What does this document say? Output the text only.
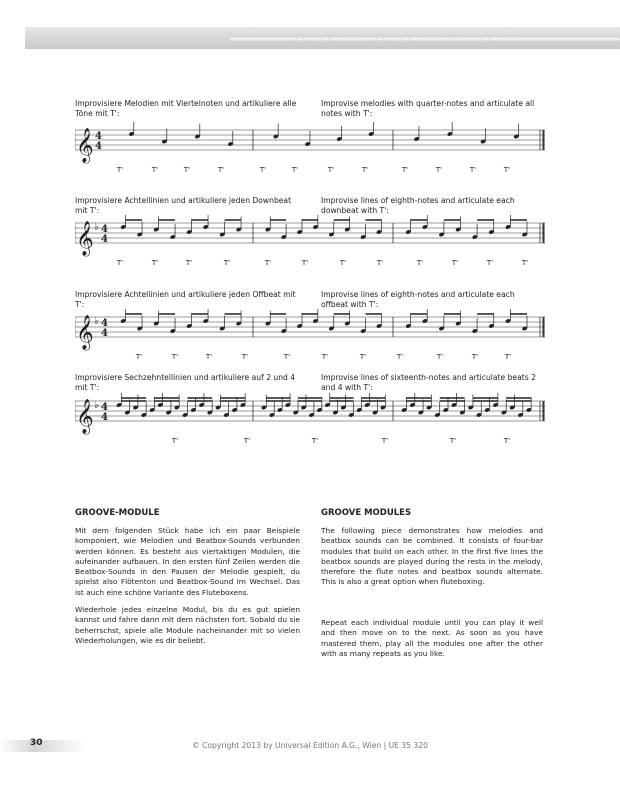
Improvisiere Melodien mit Viertelnoten und artikuliere alle Töne mit T':
Improvise melodies with quarter-notes and articulate all notes with T':
𝄞 4
4
T'	T'	T'	T'	T'	T'	T'	T'	T'	T'	T'	T'
Improvisiere Achtellinien und artikuliere jeden Downbeat mit T':
Improvise lines of eighth-notes and articulate each downbeat with T':
𝄞 ♭ 4
4
T'	T'	T'	T'	T'	T'	T'	T'	T'	T'	T'	T'
Improvisiere Achtellinien und artikuliere jeden Offbeat mit T':
Improvise lines of eighth-notes and articulate each offbeat with T':
𝄞 ♭ 4
4
T'	T'	T'	T'	T'	T'	T'	T'	T'	T'	T'
Improvisiere Sechzehntellinien und artikuliere auf 2 und 4 mit T':
Improvise lines of sixteenth-notes and articulate beats 2 and 4 with T':
𝄞 ♭ 4
4
T'	T'	T'	T'	T'	T'
GROOVE-MODULE	GROOVE MODULES
Mit dem folgenden Stück habe ich ein paar Beispiele komponiert, wie Melodien und Beatbox-Sounds verbunden werden können. Es besteht aus viertaktigen Modulen, die aufeinander aufbauen. In den ersten fünf Zeilen werden die Beatbox-Sounds in den Pausen der Melodie gespielt, du spielst also Flötenton und Beatbox-Sound im Wechsel. Das ist auch eine schöne Variante des Fluteboxens.
Wiederhole jedes einzelne Modul, bis du es gut spielen kannst und fahre dann mit dem nächsten fort. Sobald du sie beherrschst, spiele alle Module nacheinander mit so vielen Wiederholungen, wie es dir beliebt.
The following piece demonstrates how melodies and beatbox sounds can be combined. It consists of four-bar modules that build on each other. In the first five lines the beatbox sounds are played during the rests in the melody, therefore the flute notes and beatbox sounds alternate. This is also a great option when fluteboxing.
Repeat each individual module until you can play it well and then move on to the next. As soon as you have mastered them, play all the modules one after the other with as many repeats as you like.
30	© Copyright 2013 by Universal Edition A.G., Wien | UE 35 320
